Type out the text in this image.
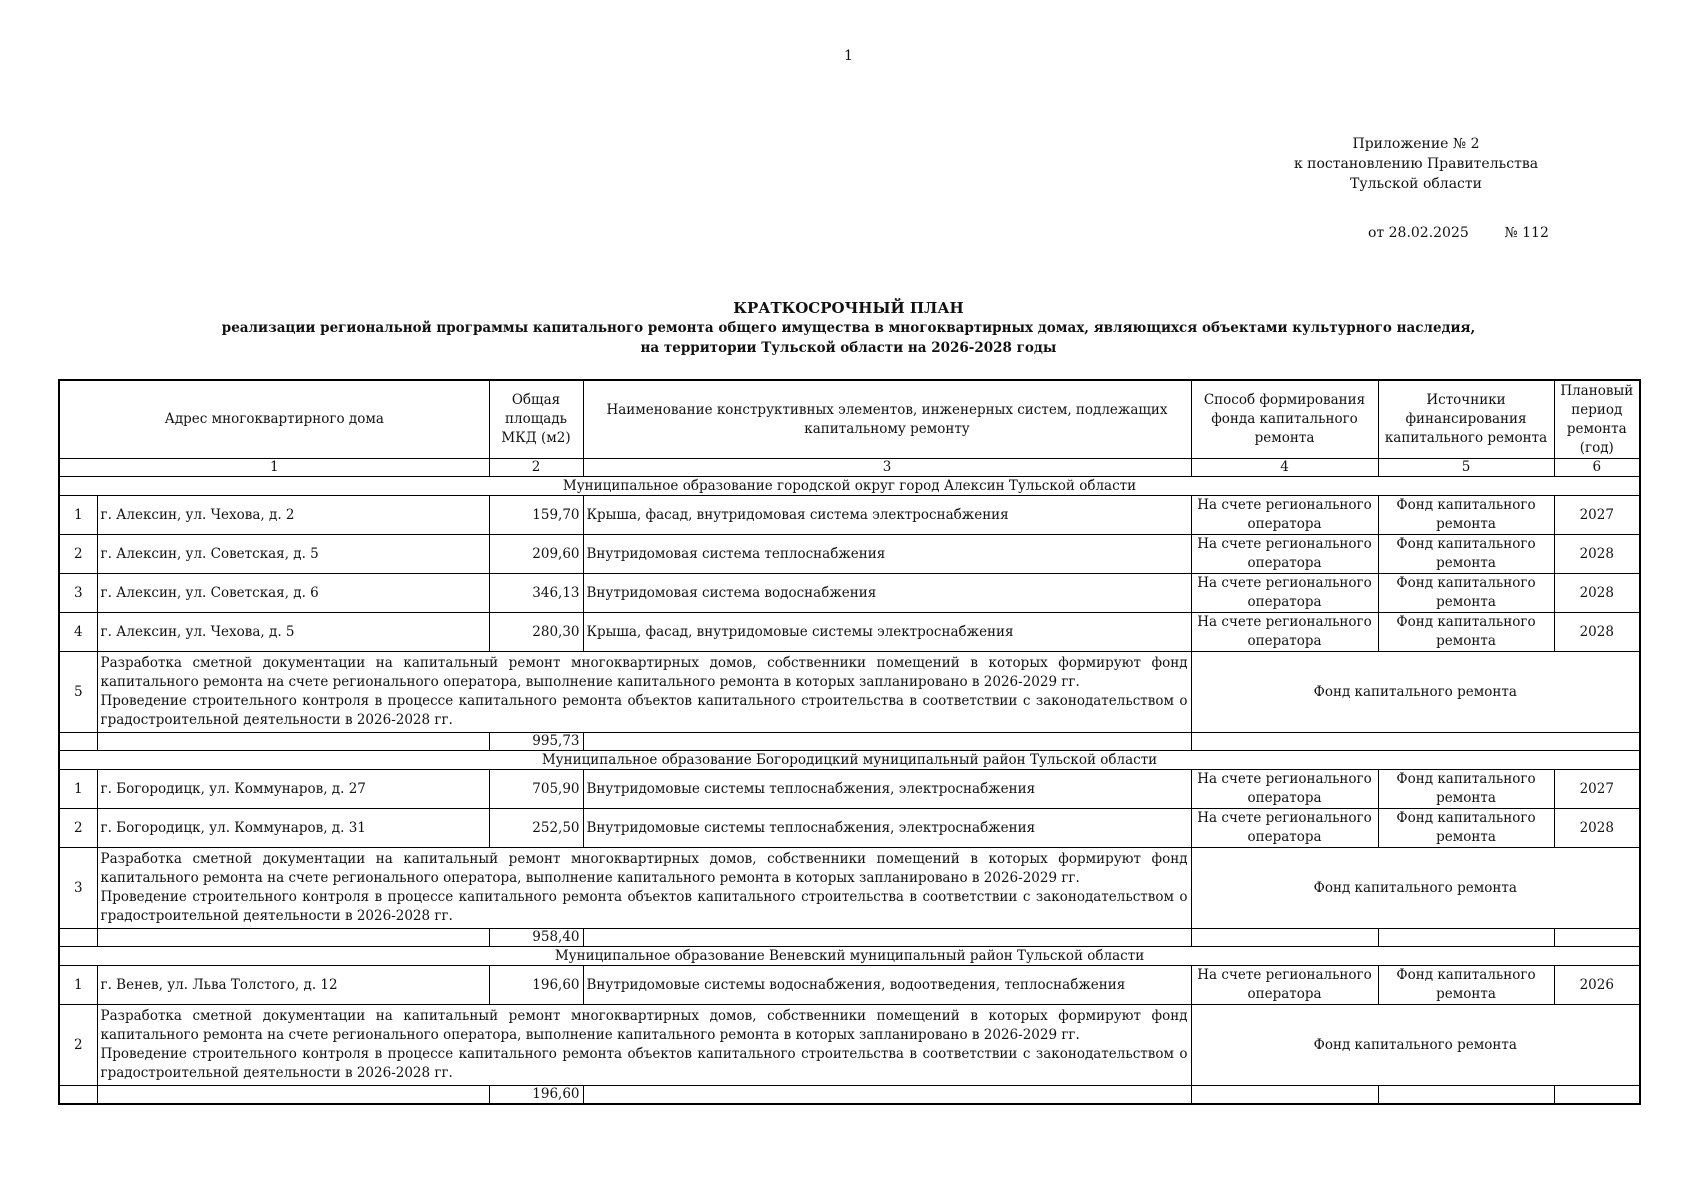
1
Приложение № 2
к постановлению Правительства
Тульской области
от 28.02.2025	№ 112
КРАТКОСРОЧНЫЙ ПЛАН
реализации региональной программы капитального ремонта общего имущества в многоквартирных домах, являющихся объектами культурного наследия,
на территории Тульской области на 2026-2028 годы
Адрес многоквартирного дома		Общая площадь МКД (м2)	Наименование конструктивных элементов, инженерных систем, подлежащих капитальному ремонту	Способ формирования фонда капитального ремонта	Источники финансирования капитального ремонта	Плановый период ремонта (год)
1		2	3	4	5	6
Муниципальное образование городской округ город Алексин Тульской области						
1	г. Алексин, ул. Чехова, д. 2	159,70	Крыша, фасад, внутридомовая система электроснабжения	На счете регионального оператора	Фонд капитального ремонта	2027
2	г. Алексин, ул. Советская, д. 5	209,60	Внутридомовая система теплоснабжения	На счете регионального оператора	Фонд капитального ремонта	2028
3	г. Алексин, ул. Советская, д. 6	346,13	Внутридомовая система водоснабжения	На счете регионального оператора	Фонд капитального ремонта	2028
4	г. Алексин, ул. Чехова, д. 5	280,30	Крыша, фасад, внутридомовые системы электроснабжения	На счете регионального оператора	Фонд капитального ремонта	2028
5	Разработка сметной документации на капитальный ремонт многоквартирных домов, собственники помещений в которых формируют фонд капитального ремонта на счете регионального оператора, выполнение капитального ремонта в которых запланировано в 2026-2029 гг.
Проведение строительного контроля в процессе капитального ремонта объектов капитального строительства в соответствии с законодательством о градостроительной деятельности в 2026-2028 гг.			Фонд капитального ремонта		
		995,73				
Муниципальное образование Богородицкий муниципальный район Тульской области						
1	г. Богородицк, ул. Коммунаров, д. 27	705,90	Внутридомовые системы теплоснабжения, электроснабжения	На счете регионального оператора	Фонд капитального ремонта	2027
2	г. Богородицк, ул. Коммунаров, д. 31	252,50	Внутридомовые системы теплоснабжения, электроснабжения	На счете регионального оператора	Фонд капитального ремонта	2028
3	Разработка сметной документации на капитальный ремонт многоквартирных домов, собственники помещений в которых формируют фонд капитального ремонта на счете регионального оператора, выполнение капитального ремонта в которых запланировано в 2026-2029 гг.
Проведение строительного контроля в процессе капитального ремонта объектов капитального строительства в соответствии с законодательством о градостроительной деятельности в 2026-2028 гг.			Фонд капитального ремонта		
		958,40				
Муниципальное образование Веневский муниципальный район Тульской области						
1	г. Венев, ул. Льва Толстого, д. 12	196,60	Внутридомовые системы водоснабжения, водоотведения, теплоснабжения	На счете регионального оператора	Фонд капитального ремонта	2026
2	Разработка сметной документации на капитальный ремонт многоквартирных домов, собственники помещений в которых формируют фонд капитального ремонта на счете регионального оператора, выполнение капитального ремонта в которых запланировано в 2026-2029 гг.
Проведение строительного контроля в процессе капитального ремонта объектов капитального строительства в соответствии с законодательством о градостроительной деятельности в 2026-2028 гг.			Фонд капитального ремонта		
		196,60				
